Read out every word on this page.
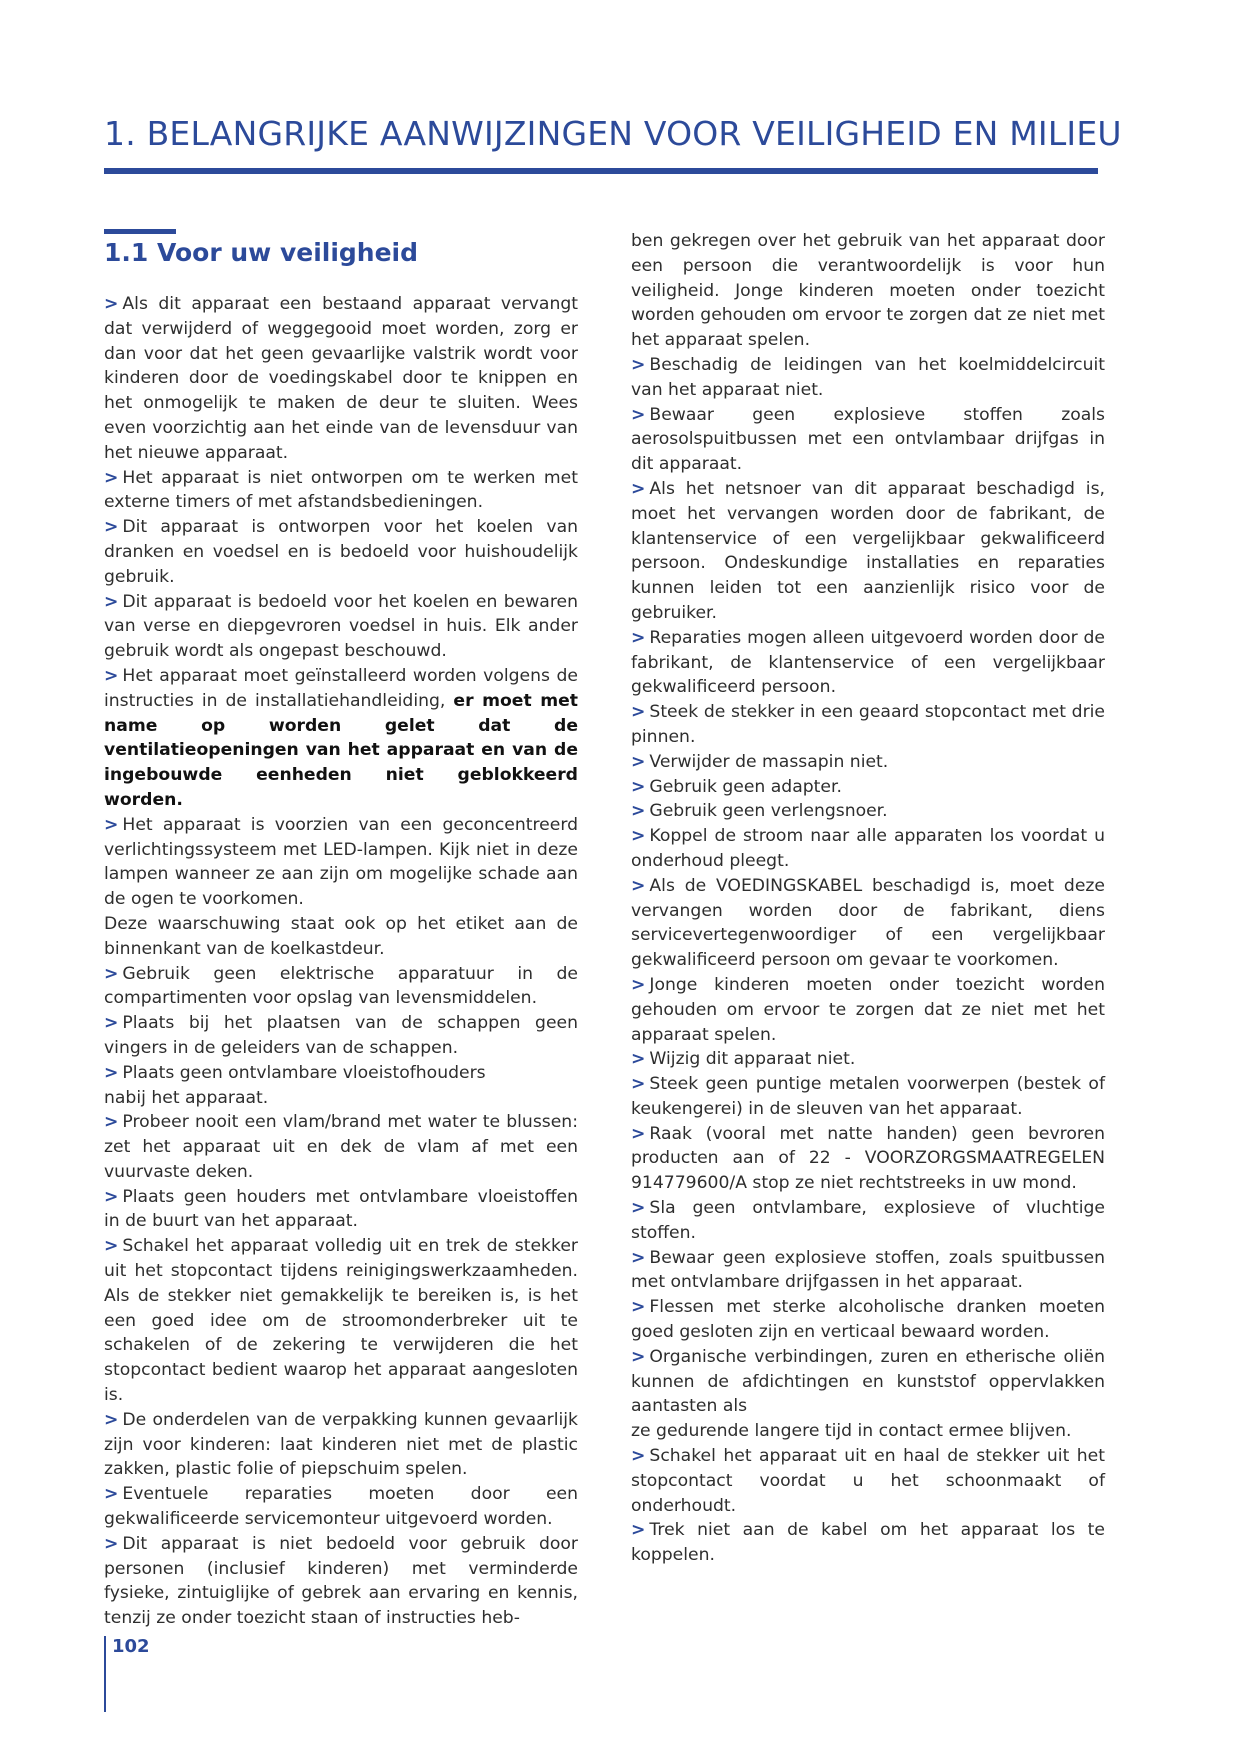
1. BELANGRIJKE AANWIJZINGEN VOOR VEILIGHEID EN MILIEU
1.1 Voor uw veiligheid

> Als dit apparaat een bestaand apparaat vervangt dat verwijderd of weggegooid moet worden, zorg er dan voor dat het geen gevaarlijke valstrik wordt voor kinderen door de voedingskabel door te knippen en het onmogelijk te maken de deur te sluiten. Wees even voorzichtig aan het einde van de levensduur van het nieuwe apparaat.

> Het apparaat is niet ontworpen om te werken met externe timers of met afstandsbedieningen.

> Dit apparaat is ontworpen voor het koelen van dranken en voedsel en is bedoeld voor huishoudelijk gebruik.

> Dit apparaat is bedoeld voor het koelen en bewaren van verse en diepgevroren voedsel in huis. Elk ander gebruik wordt als ongepast beschouwd.

> Het apparaat moet geïnstalleerd worden volgens de instructies in de installatiehandleiding, er moet met name op worden gelet dat de ventilatieopeningen van het apparaat en van de ingebouwde eenheden niet geblokkeerd worden.

> Het apparaat is voorzien van een geconcentreerd verlichtingssysteem met LED-lampen. Kijk niet in deze lampen wanneer ze aan zijn om mogelijke schade aan de ogen te voorkomen.

Deze waarschuwing staat ook op het etiket aan de binnenkant van de koelkastdeur.

> Gebruik geen elektrische apparatuur in de compartimenten voor opslag van levensmiddelen.

> Plaats bij het plaatsen van de schappen geen vingers in de geleiders van de schappen.

> Plaats geen ontvlambare vloeistofhouders

nabij het apparaat.

> Probeer nooit een vlam/brand met water te blussen: zet het apparaat uit en dek de vlam af met een vuurvaste deken.

> Plaats geen houders met ontvlambare vloeistoffen in de buurt van het apparaat.

> Schakel het apparaat volledig uit en trek de stekker uit het stopcontact tijdens reinigingswerkzaamheden. Als de stekker niet gemakkelijk te bereiken is, is het een goed idee om de stroomonderbreker uit te schakelen of de zekering te verwijderen die het stopcontact bedient waarop het apparaat aangesloten is.

> De onderdelen van de verpakking kunnen gevaarlijk zijn voor kinderen: laat kinderen niet met de plastic zakken, plastic folie of piepschuim spelen.

> Eventuele reparaties moeten door een gekwalificeerde servicemonteur uitgevoerd worden.

> Dit apparaat is niet bedoeld voor gebruik door personen (inclusief kinderen) met verminderde fysieke, zintuiglijke of gebrek aan ervaring en kennis, tenzij ze onder toezicht staan of instructies heb-

ben gekregen over het gebruik van het apparaat door een persoon die verantwoordelijk is voor hun veiligheid. Jonge kinderen moeten onder toezicht worden gehouden om ervoor te zorgen dat ze niet met het apparaat spelen.

> Beschadig de leidingen van het koelmiddelcircuit van het apparaat niet.

> Bewaar geen explosieve stoffen zoals aerosolspuitbussen met een ontvlambaar drijfgas in dit apparaat.

> Als het netsnoer van dit apparaat beschadigd is, moet het vervangen worden door de fabrikant, de klantenservice of een vergelijkbaar gekwalificeerd persoon. Ondeskundige installaties en reparaties kunnen leiden tot een aanzienlijk risico voor de gebruiker.

> Reparaties mogen alleen uitgevoerd worden door de fabrikant, de klantenservice of een vergelijkbaar gekwalificeerd persoon.

> Steek de stekker in een geaard stopcontact met drie pinnen.

> Verwijder de massapin niet.

> Gebruik geen adapter.

> Gebruik geen verlengsnoer.

> Koppel de stroom naar alle apparaten los voordat u onderhoud pleegt.

> Als de VOEDINGSKABEL beschadigd is, moet deze vervangen worden door de fabrikant, diens servicevertegenwoordiger of een vergelijkbaar gekwalificeerd persoon om gevaar te voorkomen.

> Jonge kinderen moeten onder toezicht worden gehouden om ervoor te zorgen dat ze niet met het apparaat spelen.

> Wijzig dit apparaat niet.

> Steek geen puntige metalen voorwerpen (bestek of keukengerei) in de sleuven van het apparaat.

> Raak (vooral met natte handen) geen bevroren producten aan of 22 - VOORZORGSMAATREGELEN 914779600/A stop ze niet rechtstreeks in uw mond.

> Sla geen ontvlambare, explosieve of vluchtige stoffen.

> Bewaar geen explosieve stoffen, zoals spuitbussen met ontvlambare drijfgassen in het apparaat.

> Flessen met sterke alcoholische dranken moeten goed gesloten zijn en verticaal bewaard worden.

> Organische verbindingen, zuren en etherische oliën kunnen de afdichtingen en kunststof oppervlakken aantasten als

ze gedurende langere tijd in contact ermee blijven.

> Schakel het apparaat uit en haal de stekker uit het stopcontact voordat u het schoonmaakt of onderhoudt.

> Trek niet aan de kabel om het apparaat los te koppelen.

102
